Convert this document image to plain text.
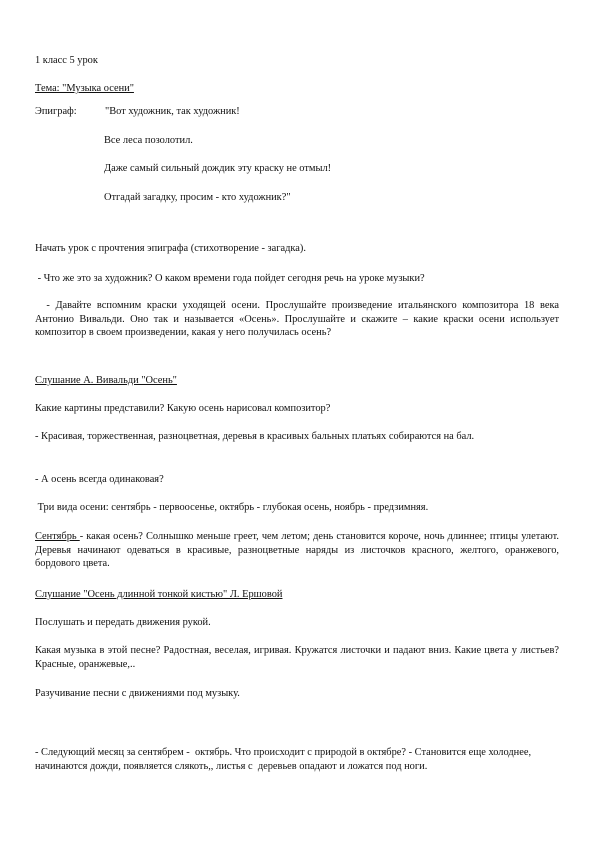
1 класс 5 урок

Тема: "Музыка осени"

Эпиграф:	"Вот художник, так художник!

Все леса позолотил.

Даже самый сильный дождик эту краску не отмыл!

Отгадай загадку, просим - кто художник?"

Начать урок с прочтения эпиграфа (стихотворение - загадка).

- Что же это за художник? О каком времени года пойдет сегодня речь на уроке музыки?

- Давайте вспомним краски уходящей осени. Прослушайте произведение итальянского композитора 18 века Антонио Вивальди. Оно так и называется «Осень». Прослушайте и скажите – какие краски осени использует композитор в своем произведении, какая у него получилась осень?

Слушание А. Вивальди "Осень"

Какие картины представили? Какую осень нарисовал композитор?

- Красивая, торжественная, разноцветная, деревья в красивых бальных платьях собираются на бал.

- А осень всегда одинаковая?

Три вида осени: сентябрь - первоосенье, октябрь - глубокая осень, ноябрь - предзимняя.

Сентябрь - какая осень? Солнышко меньше греет, чем летом; день становится короче, ночь длиннее; птицы улетают. Деревья начинают одеваться в красивые, разноцветные наряды из листочков красного, желтого, оранжевого, бордового цвета.

Слушание "Осень длинной тонкой кистью" Л. Ершовой

Послушать и передать движения рукой.

Какая музыка в этой песне? Радостная, веселая, игривая. Кружатся листочки и падают вниз. Какие цвета у листьев? Красные, оранжевые,..

Разучивание песни с движениями под музыку.

- Следующий месяц за сентябрем -  октябрь. Что происходит с природой в октябре? - Становится еще холоднее, начинаются дожди, появляется слякоть,, листья с  деревьев опадают и ложатся под ноги.
